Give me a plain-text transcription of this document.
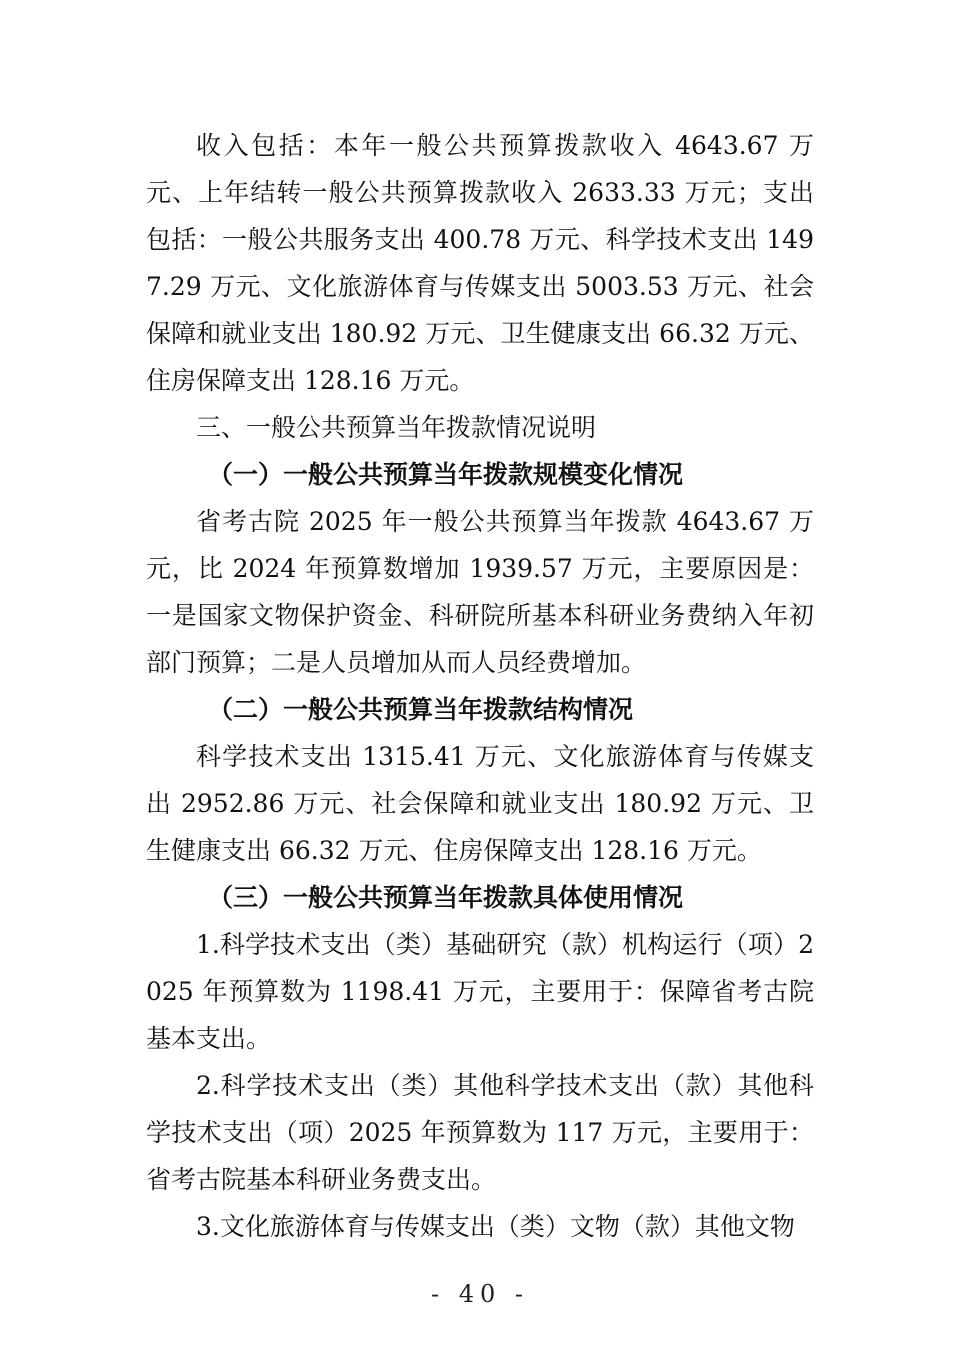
收入包括：本年一般公共预算拨款收入 4643.67 万元、上年结转一般公共预算拨款收入 2633.33 万元；支出包括：一般公共服务支出 400.78 万元、科学技术支出 1497.29 万元、文化旅游体育与传媒支出 5003.53 万元、社会保障和就业支出 180.92 万元、卫生健康支出 66.32 万元、住房保障支出 128.16 万元。

三、一般公共预算当年拨款情况说明

（一）一般公共预算当年拨款规模变化情况

省考古院 2025 年一般公共预算当年拨款 4643.67 万元，比 2024 年预算数增加 1939.57 万元，主要原因是：一是国家文物保护资金、科研院所基本科研业务费纳入年初部门预算；二是人员增加从而人员经费增加。

（二）一般公共预算当年拨款结构情况

科学技术支出 1315.41 万元、文化旅游体育与传媒支出 2952.86 万元、社会保障和就业支出 180.92 万元、卫生健康支出 66.32 万元、住房保障支出 128.16 万元。

（三）一般公共预算当年拨款具体使用情况

1.科学技术支出（类）基础研究（款）机构运行（项）2025 年预算数为 1198.41 万元，主要用于：保障省考古院基本支出。

2.科学技术支出（类）其他科学技术支出（款）其他科学技术支出（项）2025 年预算数为 117 万元，主要用于：省考古院基本科研业务费支出。

3.文化旅游体育与传媒支出（类）文物（款）其他文物

- 40 -
